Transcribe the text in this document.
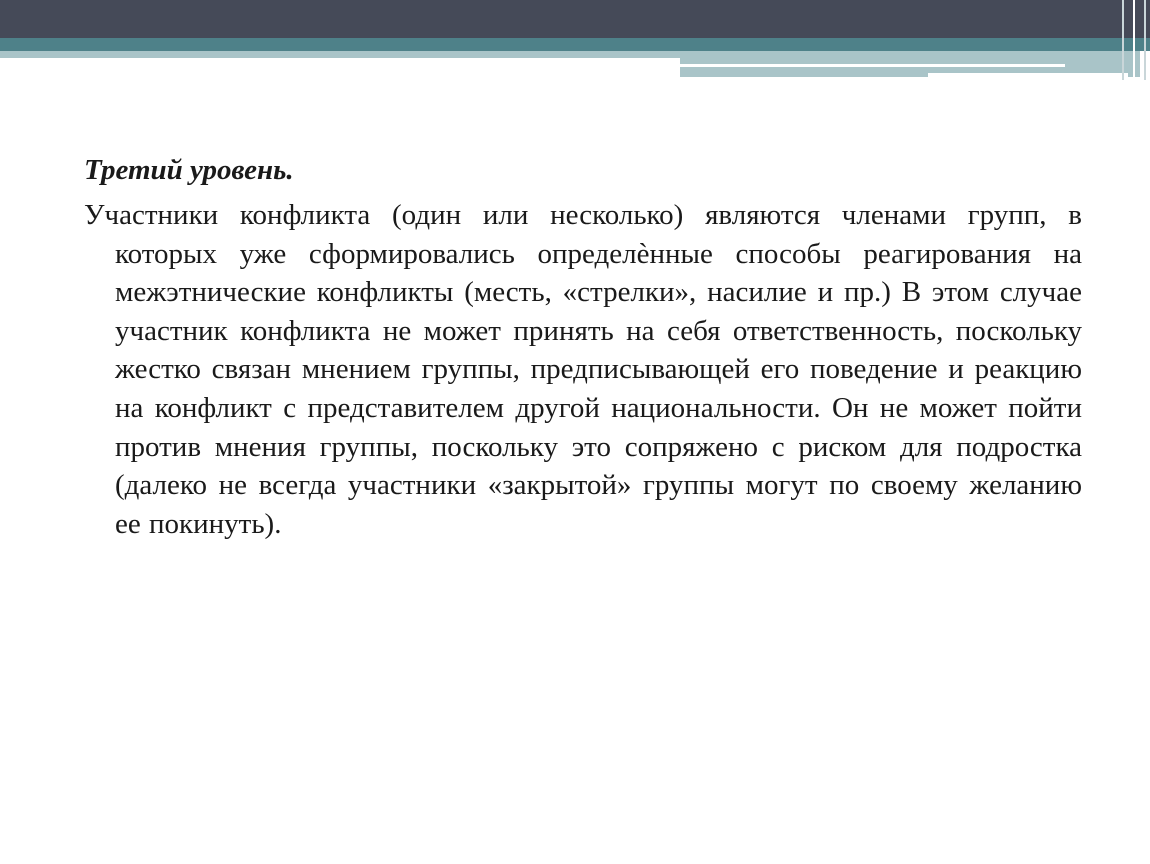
Третий уровень.

Участники конфликта (один или несколько) являются членами групп, в которых уже сформировались определѐнные способы реагирования на межэтнические конфликты (месть, «стрелки», насилие и пр.) В этом случае участник конфликта не может принять на себя ответственность, поскольку жестко связан мнением группы, предписывающей его поведение и реакцию на конфликт с представителем другой национальности. Он не может пойти против мнения группы, поскольку это сопряжено с риском для подростка (далеко не всегда участники «закрытой» группы могут по своему желанию ее покинуть).
